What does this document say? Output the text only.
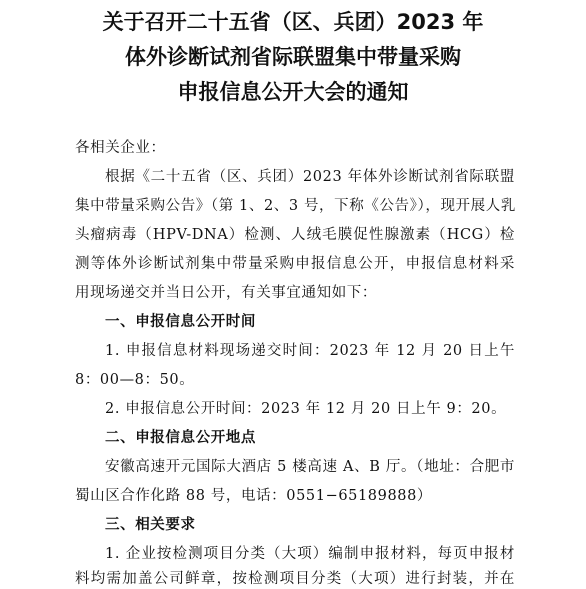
关于召开二十五省（区、兵团）2023 年
体外诊断试剂省际联盟集中带量采购
申报信息公开大会的通知
各相关企业：
根据《二十五省（区、兵团）2023 年体外诊断试剂省际联盟
集中带量采购公告》（第 1、2、3 号，下称《公告》），现开展人乳
头瘤病毒（HPV-DNA）检测、人绒毛膜促性腺激素（HCG）检
测等体外诊断试剂集中带量采购申报信息公开，申报信息材料采
用现场递交并当日公开，有关事宜通知如下：
一、申报信息公开时间
1. 申报信息材料现场递交时间：2023 年 12 月 20 日上午
8：00—8：50。
2. 申报信息公开时间：2023 年 12 月 20 日上午 9：20。
二、申报信息公开地点
安徽高速开元国际大酒店 5 楼高速 A、B 厅。（地址：合肥市
蜀山区合作化路 88 号，电话：0551−65189888）
三、相关要求
1. 企业按检测项目分类（大项）编制申报材料，每页申报材
料均需加盖公司鲜章，按检测项目分类（大项）进行封装，并在
